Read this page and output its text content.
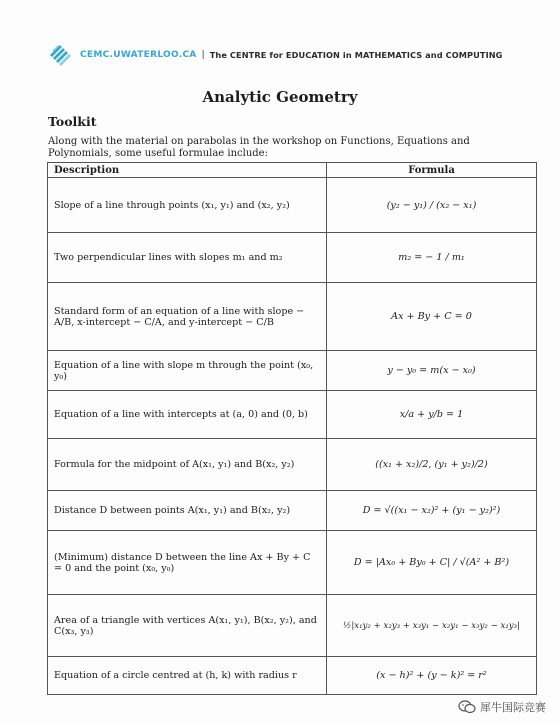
CEMC.UWATERLOO.CA | The CENTRE for EDUCATION in MATHEMATICS and COMPUTING
Analytic Geometry
Toolkit

Along with the material on parabolas in the workshop on Functions, Equations and Polynomials, some useful formulae include:

Description	Formula
Slope of a line through points (x₁, y₁) and (x₂, y₂)	(y₂ − y₁) / (x₂ − x₁)
Two perpendicular lines with slopes m₁ and m₂	m₂ = − 1 / m₁
Standard form of an equation of a line with slope − A/B, x-intercept − C/A, and y-intercept − C/B	Ax + By + C = 0
Equation of a line with slope m through the point (x₀, y₀)	y − y₀ = m(x − x₀)
Equation of a line with intercepts at (a, 0) and (0, b)	x/a + y/b = 1
Formula for the midpoint of A(x₁, y₁) and B(x₂, y₂)	((x₁ + x₂)/2, (y₁ + y₂)/2)
Distance D between points A(x₁, y₁) and B(x₂, y₂)	D = √((x₁ − x₂)² + (y₁ − y₂)²)
(Minimum) distance D between the line Ax + By + C = 0 and the point (x₀, y₀)	D = |Ax₀ + By₀ + C| / √(A² + B²)
Area of a triangle with vertices A(x₁, y₁), B(x₂, y₂), and C(x₃, y₃)	½|x₁y₂ + x₂y₃ + x₃y₁ − x₂y₁ − x₃y₂ − x₁y₃|
Equation of a circle centred at (h, k) with radius r	(x − h)² + (y − k)² = r²
犀牛国际竞赛
